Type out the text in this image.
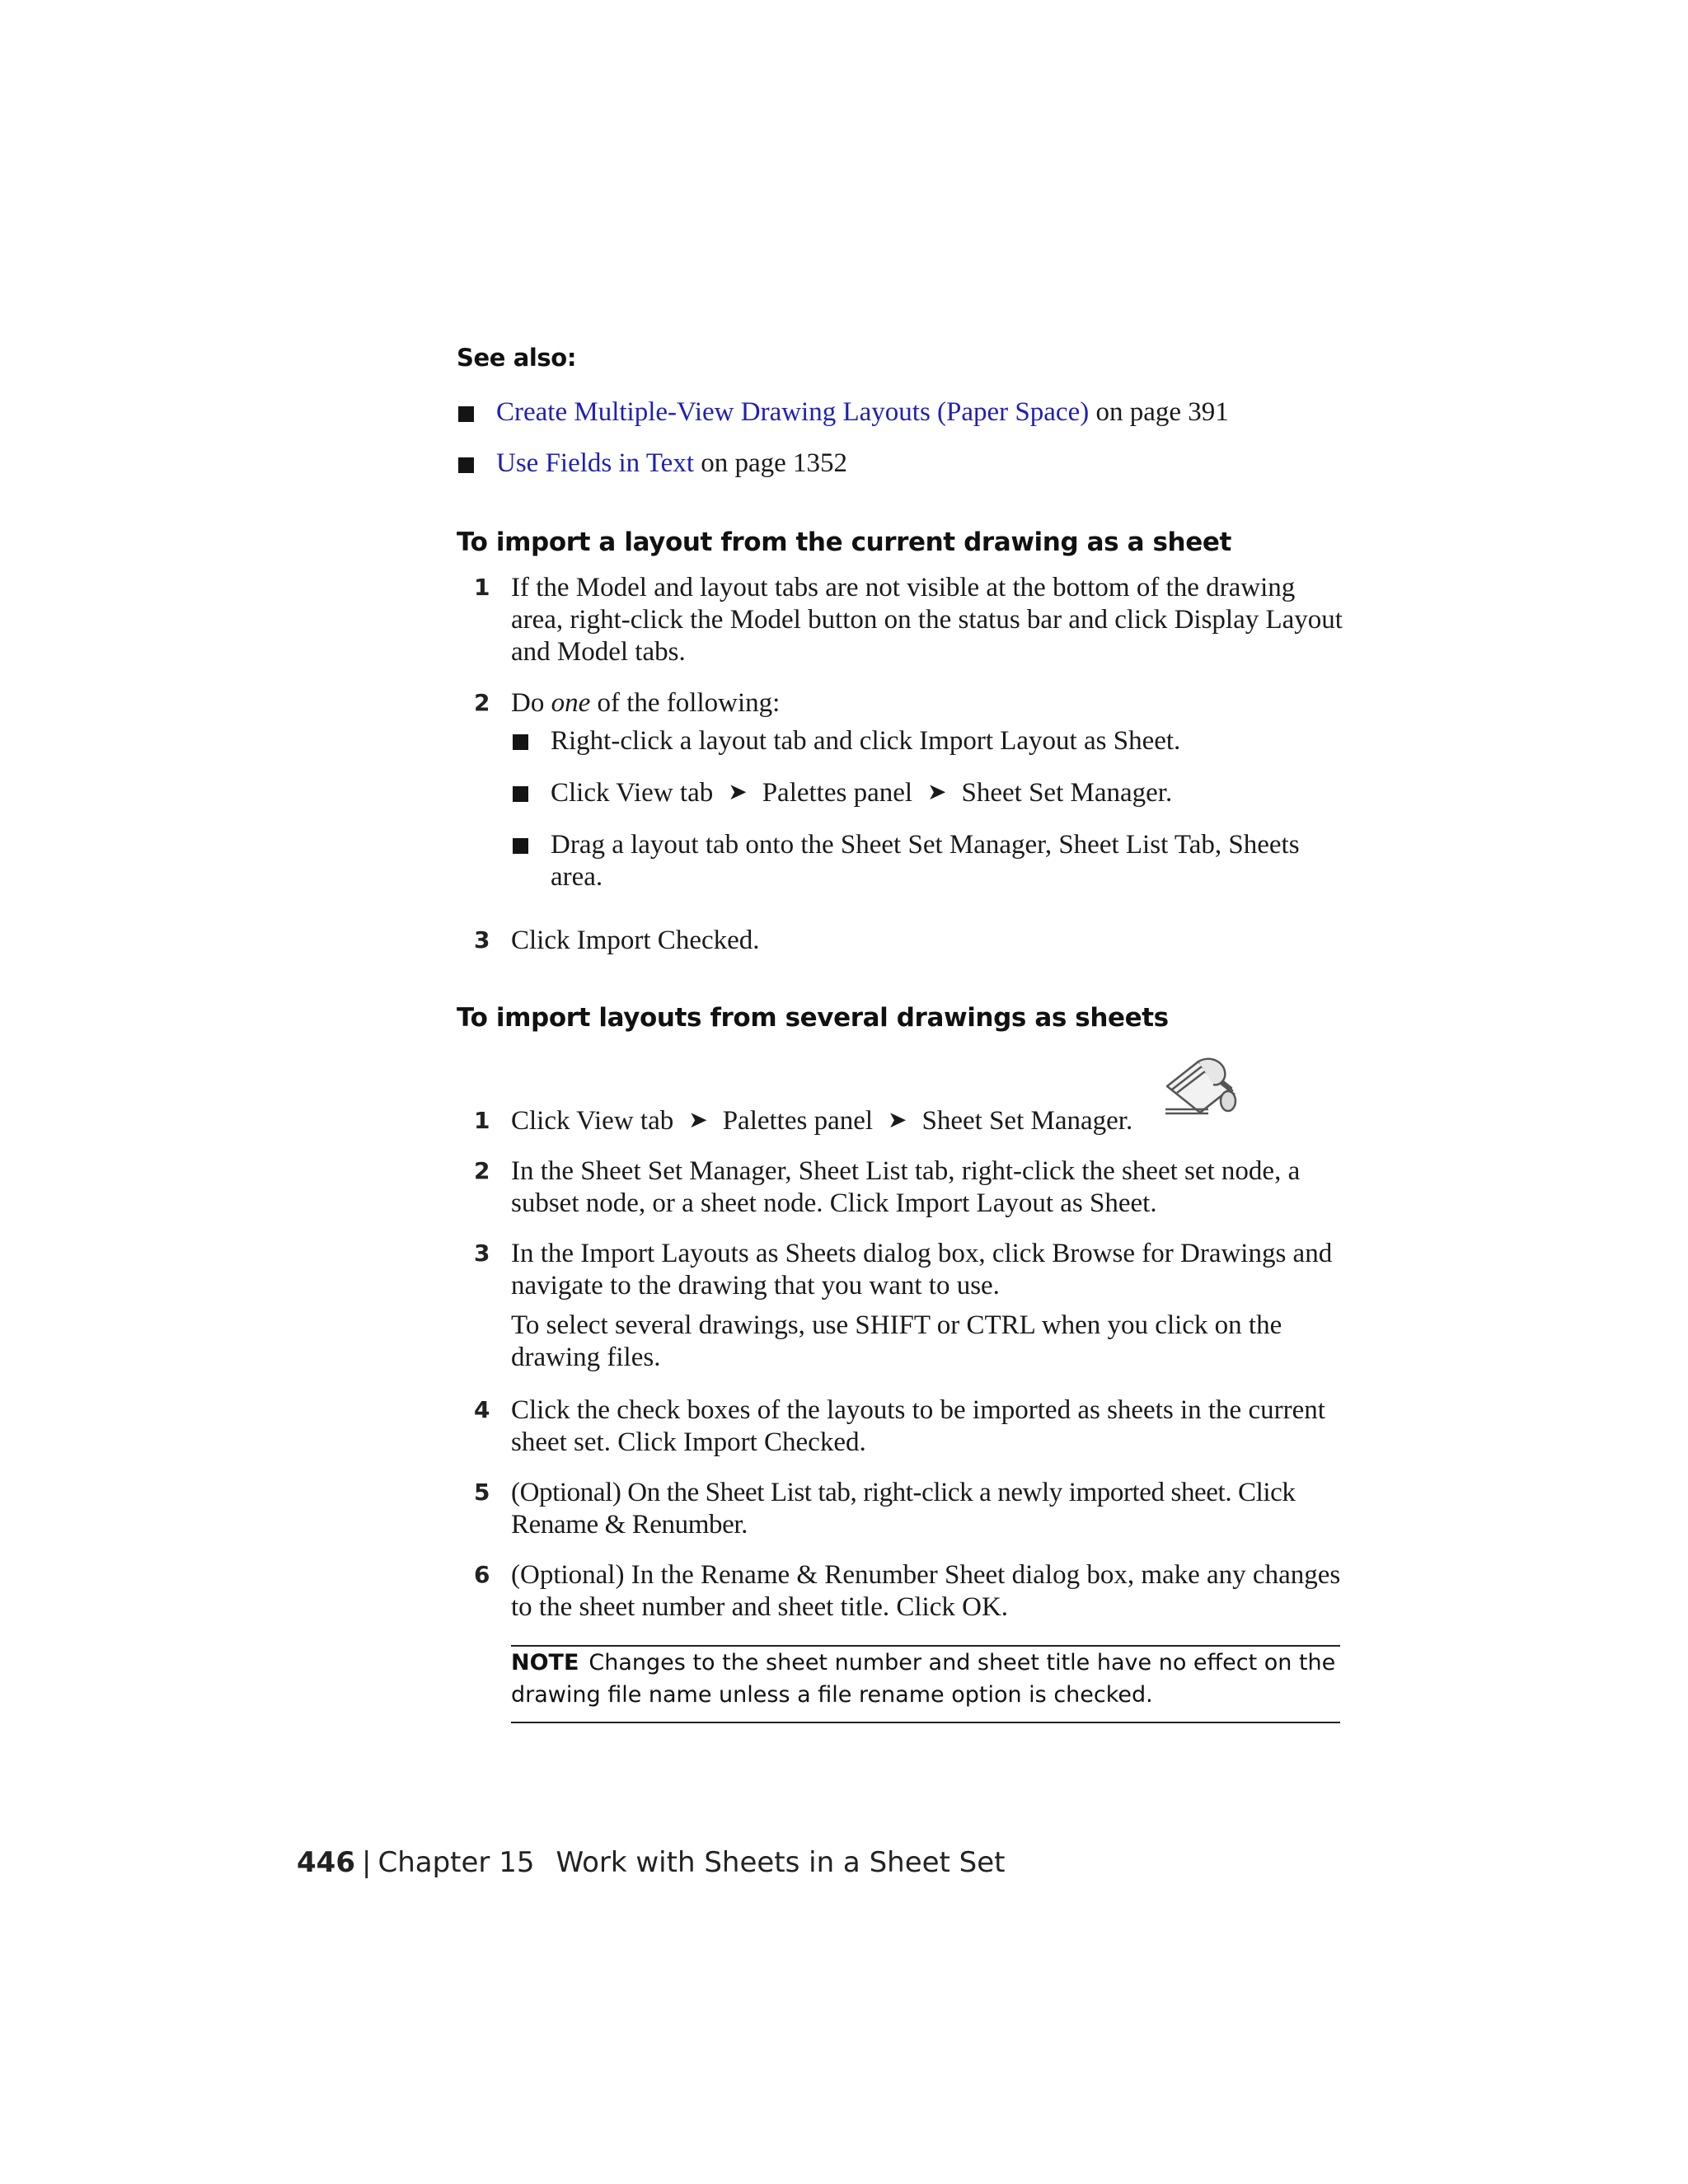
See also:
Create Multiple-View Drawing Layouts (Paper Space) on page 391
Use Fields in Text on page 1352
To import a layout from the current drawing as a sheet
1 If the Model and layout tabs are not visible at the bottom of the drawing area, right-click the Model button on the status bar and click Display Layout and Model tabs.
2 Do one of the following:
Right-click a layout tab and click Import Layout as Sheet.
Click View tab ➤ Palettes panel ➤ Sheet Set Manager.
Drag a layout tab onto the Sheet Set Manager, Sheet List Tab, Sheets area.
3 Click Import Checked.
To import layouts from several drawings as sheets
1 Click View tab ➤ Palettes panel ➤ Sheet Set Manager.
2 In the Sheet Set Manager, Sheet List tab, right-click the sheet set node, a subset node, or a sheet node. Click Import Layout as Sheet.
3 In the Import Layouts as Sheets dialog box, click Browse for Drawings and navigate to the drawing that you want to use.
To select several drawings, use SHIFT or CTRL when you click on the drawing files.
4 Click the check boxes of the layouts to be imported as sheets in the current sheet set. Click Import Checked.
5 (Optional) On the Sheet List tab, right-click a newly imported sheet. Click Rename & Renumber.
6 (Optional) In the Rename & Renumber Sheet dialog box, make any changes to the sheet number and sheet title. Click OK.
NOTE Changes to the sheet number and sheet title have no effect on the drawing file name unless a file rename option is checked.
446 | Chapter 15 Work with Sheets in a Sheet Set
